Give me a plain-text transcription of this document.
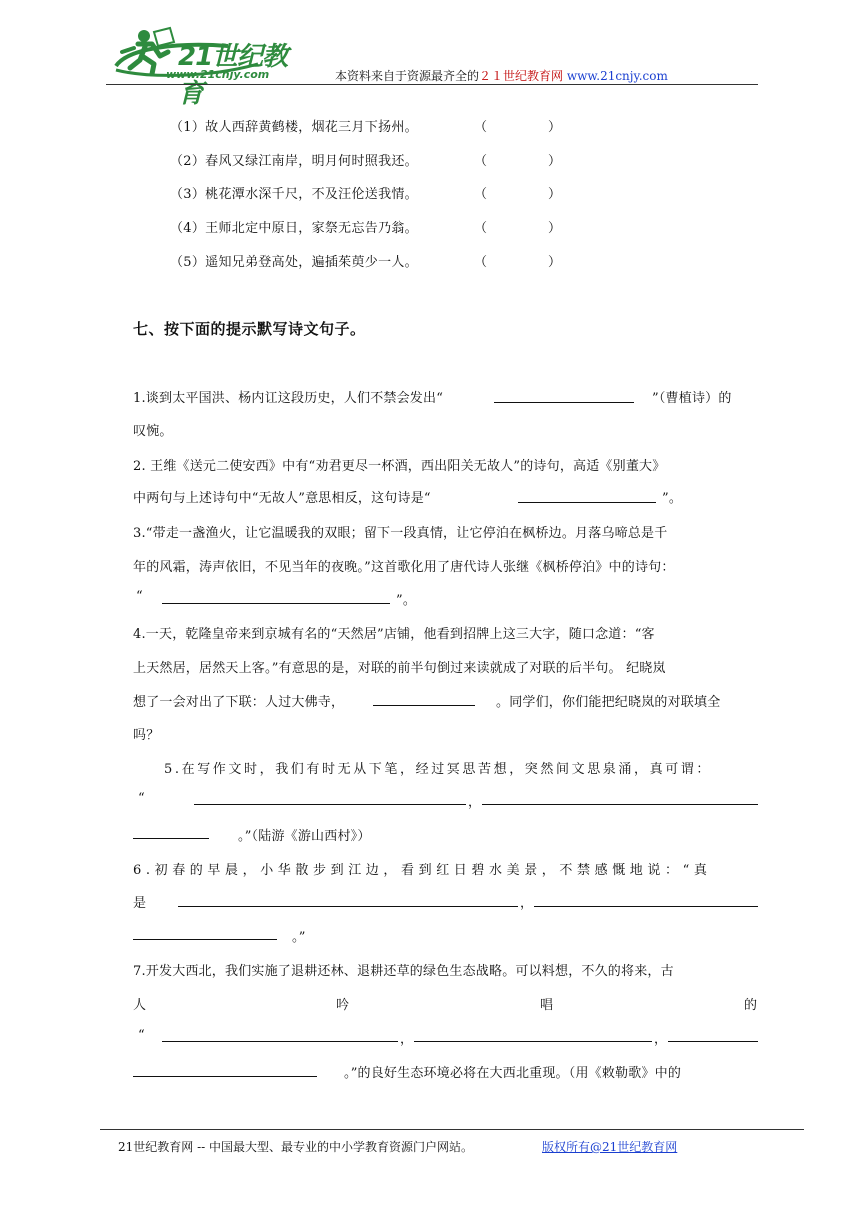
21世纪教育
www.21cnjy.com	本资料来自于资源最齐全的２１世纪教育网 www.21cnjy.com
（1）故人西辞黄鹤楼，烟花三月下扬州。	（	）
（2）春风又绿江南岸，明月何时照我还。	（	）
（3）桃花潭水深千尺，不及汪伦送我情。	（	）
（4）王师北定中原日，家祭无忘告乃翁。	（	）
（5）遥知兄弟登高处，遍插茱萸少一人。	（	）
七、按下面的提示默写诗文句子。
1.谈到太平国洪、杨内讧这段历史，人们不禁会发出“	”（曹植诗）的
叹惋。
2. 王维《送元二使安西》中有“劝君更尽一杯酒，西出阳关无故人”的诗句，高适《别董大》
中两句与上述诗句中“无故人”意思相反，这句诗是“	”。
3.“带走一盏渔火，让它温暖我的双眼；留下一段真情，让它停泊在枫桥边。月落乌啼总是千
年的风霜，涛声依旧，不见当年的夜晚。”这首歌化用了唐代诗人张继《枫桥停泊》中的诗句：
“	”。
4.一天，乾隆皇帝来到京城有名的“天然居”店铺，他看到招牌上这三大字，随口念道：“客
上天然居，居然天上客。”有意思的是，对联的前半句倒过来读就成了对联的后半句。 纪晓岚
想了一会对出了下联：人过大佛寺，	。同学们，你们能把纪晓岚的对联填全
吗？
5.在写作文时，我们有时无从下笔，经过冥思苦想，突然间文思泉涌，真可谓：
“	，
。”（陆游《游山西村》）
6.初春的早晨，小华散步到江边，看到红日碧水美景，不禁感慨地说：“真
是	，
。”
7.开发大西北，我们实施了退耕还林、退耕还草的绿色生态战略。可以料想，不久的将来，古
人	吟	唱	的
“	，	，
。”的良好生态环境必将在大西北重现。（用《敕勒歌》中的
21世纪教育网 -- 中国最大型、最专业的中小学教育资源门户网站。	版权所有@21世纪教育网
